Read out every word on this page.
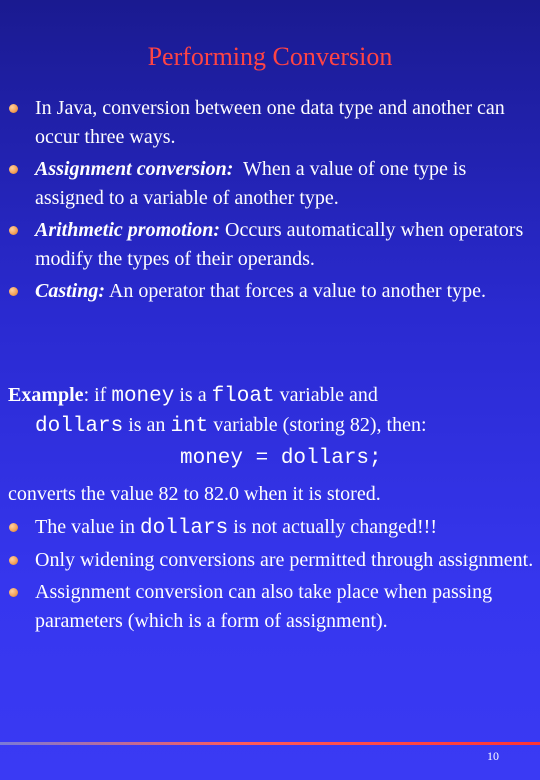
Performing Conversion
In Java, conversion between one data type and another can occur three ways.
Assignment conversion:  When a value of one type is assigned to a variable of another type.
Arithmetic promotion: Occurs automatically when operators modify the types of their operands.
Casting: An operator that forces a value to another type.
Example: if money is a float variable and
dollars is an int variable (storing 82), then:
money = dollars;
converts the value 82 to 82.0 when it is stored.
The value in dollars is not actually changed!!!
Only widening conversions are permitted through assignment.
Assignment conversion can also take place when passing parameters (which is a form of assignment).
10
